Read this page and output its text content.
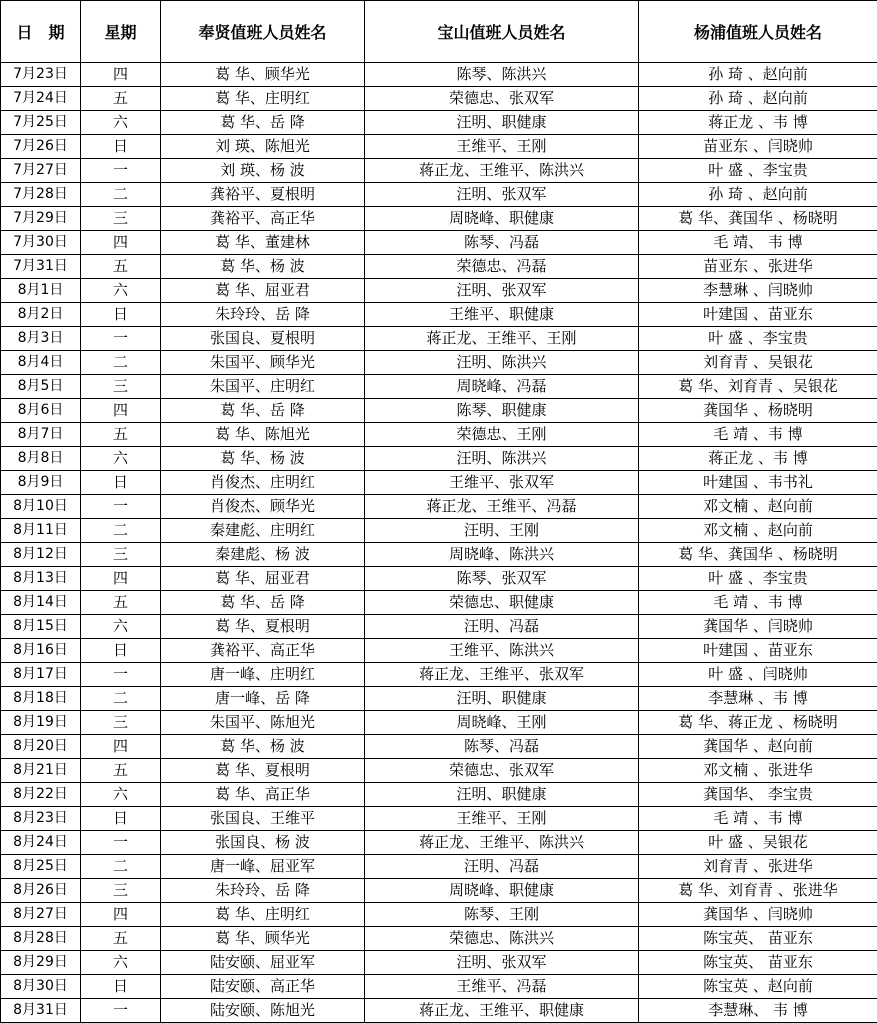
日　期	星期	奉贤值班人员姓名	宝山值班人员姓名	杨浦值班人员姓名
7月23日	四	葛 华、顾华光	陈琴、陈洪兴	孙 琦 、赵向前
7月24日	五	葛 华、庄明红	荣德忠、张双军	孙 琦 、赵向前
7月25日	六	葛 华、岳 降	汪明、职健康	蒋正龙 、韦 博
7月26日	日	刘 瑛、陈旭光	王维平、王刚	苗亚东 、闫晓帅
7月27日	一	刘 瑛、杨 波	蒋正龙、王维平、陈洪兴	叶 盛 、李宝贵
7月28日	二	龚裕平、夏根明	汪明、张双军	孙 琦 、赵向前
7月29日	三	龚裕平、高正华	周晓峰、职健康	葛 华、龚国华 、杨晓明
7月30日	四	葛 华、董建林	陈琴、冯磊	毛 靖、 韦 博
7月31日	五	葛 华、杨 波	荣德忠、冯磊	苗亚东 、张进华
8月1日	六	葛 华、屈亚君	汪明、张双军	李慧琳 、闫晓帅
8月2日	日	朱玲玲、岳 降	王维平、职健康	叶建国 、苗亚东
8月3日	一	张国良、夏根明	蒋正龙、王维平、王刚	叶 盛 、李宝贵
8月4日	二	朱国平、顾华光	汪明、陈洪兴	刘育青 、吴银花
8月5日	三	朱国平、庄明红	周晓峰、冯磊	葛 华、刘育青 、吴银花
8月6日	四	葛 华、岳 降	陈琴、职健康	龚国华 、杨晓明
8月7日	五	葛 华、陈旭光	荣德忠、王刚	毛 靖 、韦 博
8月8日	六	葛 华、杨 波	汪明、陈洪兴	蒋正龙 、韦 博
8月9日	日	肖俊杰、庄明红	王维平、张双军	叶建国 、韦书礼
8月10日	一	肖俊杰、顾华光	蒋正龙、王维平、冯磊	邓文楠 、赵向前
8月11日	二	秦建彪、庄明红	汪明、王刚	邓文楠 、赵向前
8月12日	三	秦建彪、杨 波	周晓峰、陈洪兴	葛 华、龚国华 、杨晓明
8月13日	四	葛 华、屈亚君	陈琴、张双军	叶 盛 、李宝贵
8月14日	五	葛 华、岳 降	荣德忠、职健康	毛 靖 、韦 博
8月15日	六	葛 华、夏根明	汪明、冯磊	龚国华 、闫晓帅
8月16日	日	龚裕平、高正华	王维平、陈洪兴	叶建国 、苗亚东
8月17日	一	唐一峰、庄明红	蒋正龙、王维平、张双军	叶 盛 、闫晓帅
8月18日	二	唐一峰、岳 降	汪明、职健康	李慧琳 、韦 博
8月19日	三	朱国平、陈旭光	周晓峰、王刚	葛 华、蒋正龙 、杨晓明
8月20日	四	葛 华、杨 波	陈琴、冯磊	龚国华 、赵向前
8月21日	五	葛 华、夏根明	荣德忠、张双军	邓文楠 、张进华
8月22日	六	葛 华、高正华	汪明、职健康	龚国华、 李宝贵
8月23日	日	张国良、王维平	王维平、王刚	毛 靖 、韦 博
8月24日	一	张国良、杨 波	蒋正龙、王维平、陈洪兴	叶 盛 、吴银花
8月25日	二	唐一峰、屈亚军	汪明、冯磊	刘育青 、张进华
8月26日	三	朱玲玲、岳 降	周晓峰、职健康	葛 华、刘育青 、张进华
8月27日	四	葛 华、庄明红	陈琴、王刚	龚国华 、闫晓帅
8月28日	五	葛 华、顾华光	荣德忠、陈洪兴	陈宝英、 苗亚东
8月29日	六	陆安颐、屈亚军	汪明、张双军	陈宝英、 苗亚东
8月30日	日	陆安颐、高正华	王维平、冯磊	陈宝英 、赵向前
8月31日	一	陆安颐、陈旭光	蒋正龙、王维平、职健康	李慧琳、 韦 博
